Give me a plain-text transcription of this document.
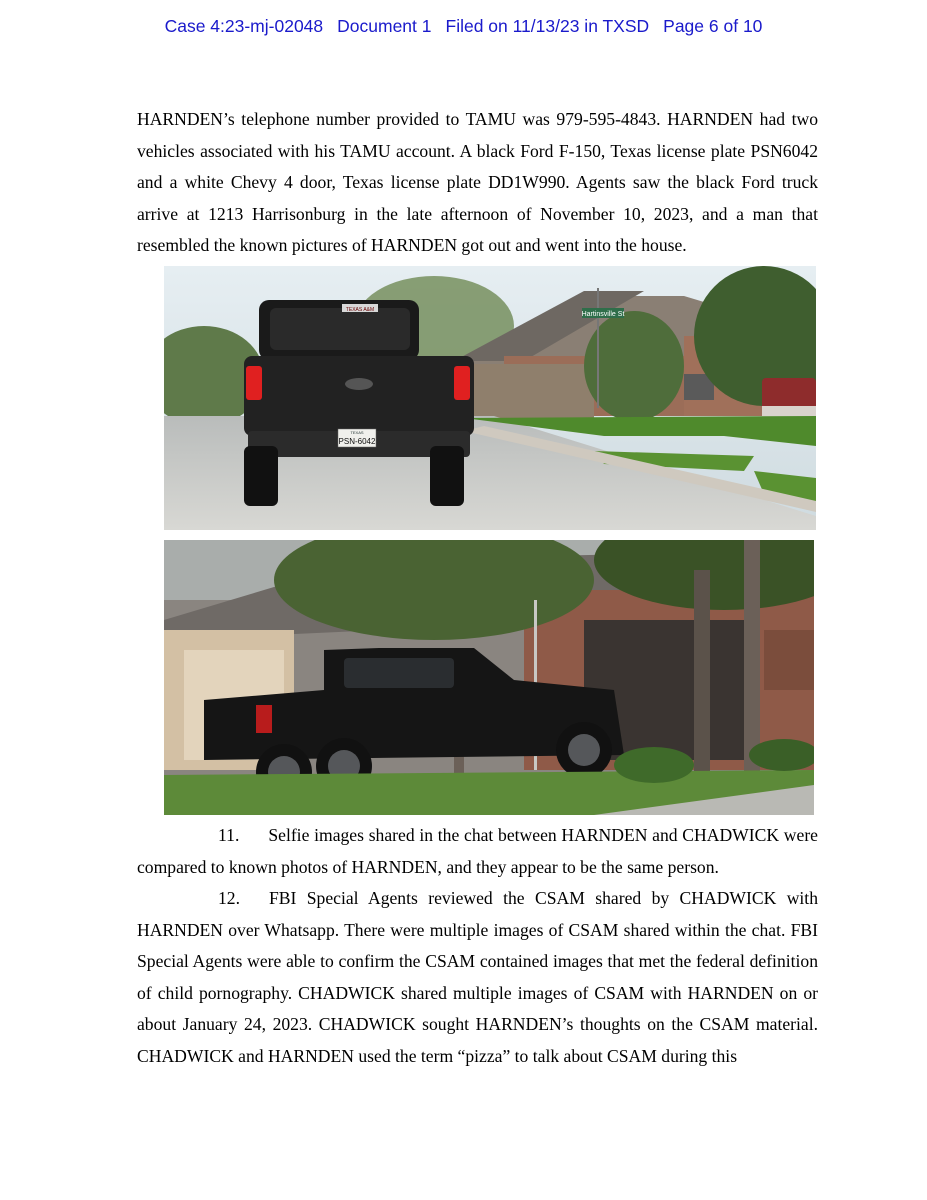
Case 4:23-mj-02048 Document 1 Filed on 11/13/23 in TXSD Page 6 of 10
HARNDEN’s telephone number provided to TAMU was 979-595-4843. HARNDEN had two vehicles associated with his TAMU account. A black Ford F-150, Texas license plate PSN6042 and a white Chevy 4 door, Texas license plate DD1W990. Agents saw the black Ford truck arrive at 1213 Harrisonburg in the late afternoon of November 10, 2023, and a man that resembled the known pictures of HARNDEN got out and went into the house.
Hartinsville St
TEXAS A&M
TEXAS
PSN-6042
11. Selfie images shared in the chat between HARNDEN and CHADWICK were compared to known photos of HARNDEN, and they appear to be the same person.
12. FBI Special Agents reviewed the CSAM shared by CHADWICK with HARNDEN over Whatsapp. There were multiple images of CSAM shared within the chat. FBI Special Agents were able to confirm the CSAM contained images that met the federal definition of child pornography. CHADWICK shared multiple images of CSAM with HARNDEN on or about January 24, 2023. CHADWICK sought HARNDEN’s thoughts on the CSAM material. CHADWICK and HARNDEN used the term “pizza” to talk about CSAM during this
